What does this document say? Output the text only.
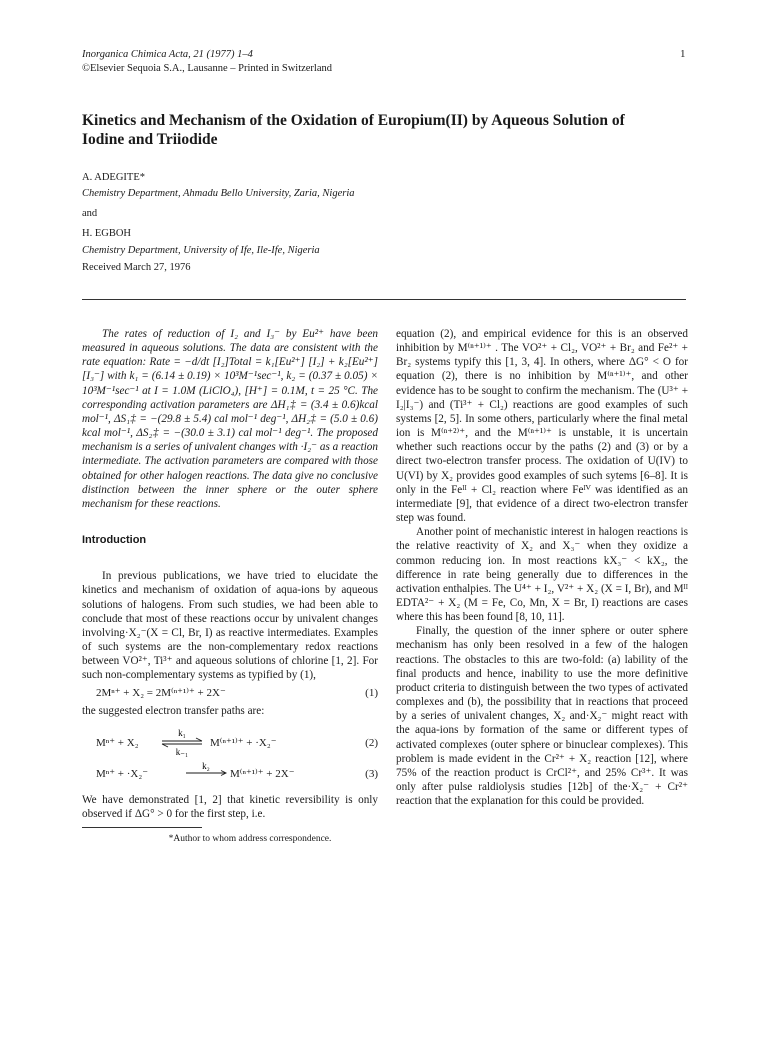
Inorganica Chimica Acta, 21 (1977) 1–4
©Elsevier Sequoia S.A., Lausanne – Printed in Switzerland
1
Kinetics and Mechanism of the Oxidation of Europium(II) by Aqueous Solution of Iodine and Triiodide
A. ADEGITE*
Chemistry Department, Ahmadu Bello University, Zaria, Nigeria
and
H. EGBOH
Chemistry Department, University of Ife, Ile-Ife, Nigeria
Received March 27, 1976

The rates of reduction of I₂ and I₃⁻ by Eu²⁺ have been measured in aqueous solutions. The data are consistent with the rate equation: Rate = −d/dt [I₂]Total = k₁[Eu²⁺] [I₂] + k₂[Eu²⁺] [I₃⁻] with k₁ = (6.14 ± 0.19) × 10³M⁻¹sec⁻¹, k₂ = (0.37 ± 0.05) × 10³M⁻¹sec⁻¹ at I = 1.0M (LiClO₄), [H⁺] = 0.1M, t = 25 °C. The corresponding activation parameters are ΔH₁‡ = (3.4 ± 0.6)kcal mol⁻¹, ΔS₁‡ = −(29.8 ± 5.4) cal mol⁻¹ deg⁻¹, ΔH₂‡ = (5.0 ± 0.6) kcal mol⁻¹, ΔS₂‡ = −(30.0 ± 3.1) cal mol⁻¹ deg⁻¹. The proposed mechanism is a series of univalent changes with ·I₂⁻ as a reaction intermediate. The activation parameters are compared with those obtained for other halogen reactions. The data give no conclusive distinction between the inner sphere or the outer sphere mechanism for these reactions.

Introduction

In previous publications, we have tried to elucidate the kinetics and mechanism of oxidation of aqua-ions by aqueous solutions of halogens. From such studies, we had been able to conclude that most of these reactions occur by univalent changes involving·X₂⁻(X = Cl, Br, I) as reactive intermediates. Examples of such systems are the non-complementary redox reactions between VO²⁺, Ti³⁺ and aqueous solutions of chlorine [1, 2]. For such non-complementary systems as typified by (1),

2Mⁿ⁺ + X₂ = 2M⁽ⁿ⁺¹⁾⁺ + 2X⁻	(1)

the suggested electron transfer paths are:

Mⁿ⁺ + X₂
k₁
k₋₁
M⁽ⁿ⁺¹⁾⁺ + ·X₂⁻	(2)
Mⁿ⁺ + ·X₂⁻
k₂
M⁽ⁿ⁺¹⁾⁺ + 2X⁻	(3)

We have demonstrated [1, 2] that kinetic reversibility is only observed if ΔG° > 0 for the first step, i.e.

*Author to whom address correspondence.

equation (2), and empirical evidence for this is an observed inhibition by M⁽ⁿ⁺¹⁾⁺ . The VO²⁺ + Cl₂, VO²⁺ + Br₂ and Fe²⁺ + Br₂ systems typify this [1, 3, 4]. In others, where ΔG° < O for equation (2), there is no inhibition by M⁽ⁿ⁺¹⁾⁺, and other evidence has to be sought to confirm the mechanism. The (U³⁺ + I₂|I₃⁻) and (Ti³⁺ + Cl₂) reactions are good examples of such systems [2, 5]. In some others, particularly where the final metal ion is M⁽ⁿ⁺²⁾⁺, and the M⁽ⁿ⁺¹⁾⁺ is unstable, it is uncertain whether such reactions occur by the paths (2) and (3) or by a direct two-electron transfer process. The oxidation of U(IV) to U(VI) by X₂ provides good examples of such sytems [6–8]. It is only in the Feᴵᴵ + Cl₂ reaction where Feᴵⱽ was identified as an intermediate [9], that evidence of a direct two-electron transfer step was found.

Another point of mechanistic interest in halogen reactions is the relative reactivity of X₂ and X₃⁻ when they oxidize a common reducing ion. In most reactions kX₃⁻ < kX₂, the difference in rate being generally due to differences in the activation enthalpies. The U⁴⁺ + I₂, V²⁺ + X₂ (X = I, Br), and Mᴵᴵ EDTA²⁻ + X₂ (M = Fe, Co, Mn, X = Br, I) reactions are cases where this has been found [8, 10, 11].

Finally, the question of the inner sphere or outer sphere mechanism has only been resolved in a few of the halogen reactions. The obstacles to this are two-fold: (a) lability of the final products and hence, inability to use the more definitive product criteria to distinguish between the two types of activated complexes and (b), the possibility that in reactions that proceed by a series of univalent changes, X₂ and·X₂⁻ might react with the aqua-ions by formation of the same or different types of activated complexes (outer sphere or binuclear complexes). This problem is made evident in the Cr²⁺ + X₂ reaction [12], where 75% of the reaction product is CrCl²⁺, and 25% Cr³⁺. It was only after pulse raldiolysis studies [12b] of the·X₂⁻ + Cr²⁺ reaction that the explanation for this could be provided.
